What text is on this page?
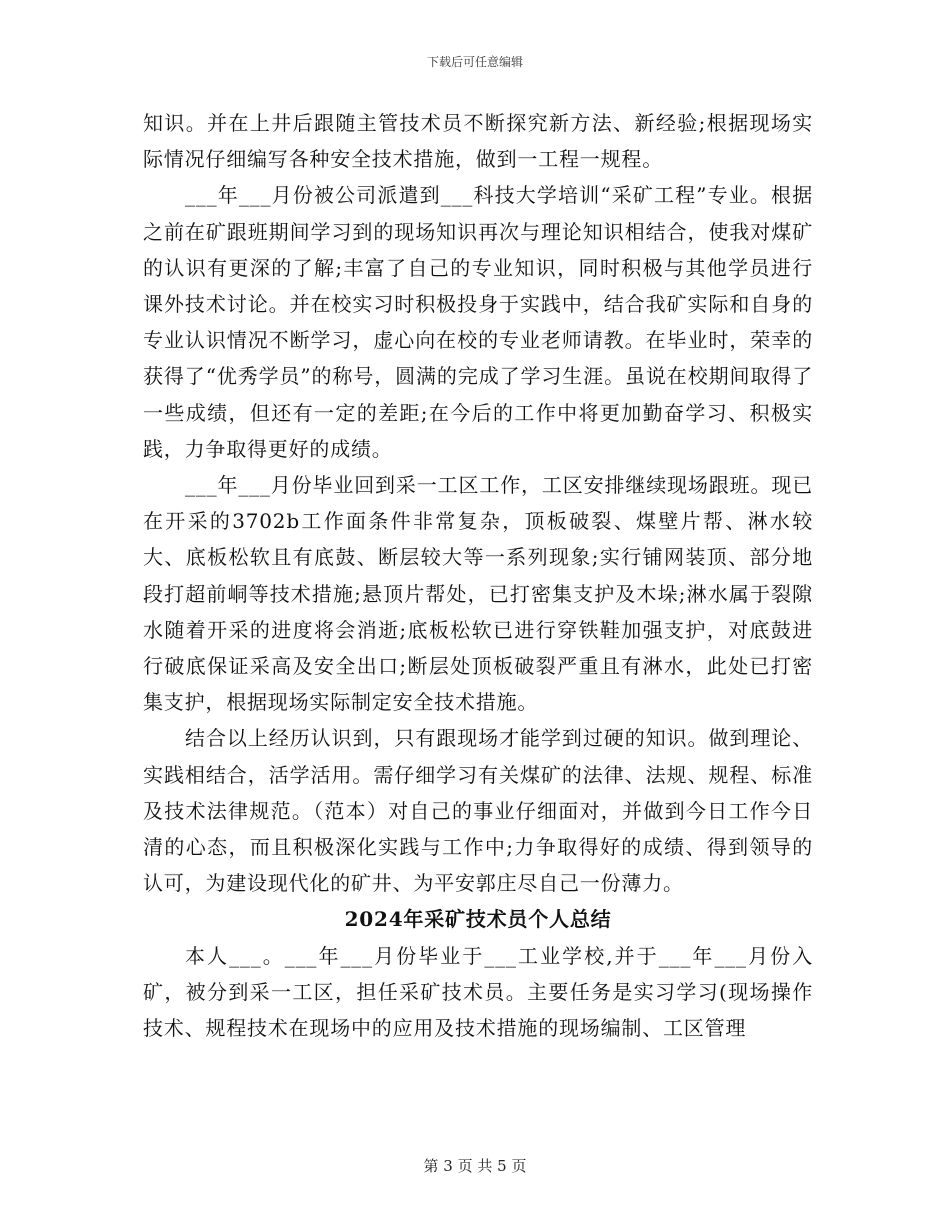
下载后可任意编辑

知识。并在上井后跟随主管技术员不断探究新方法、新经验;根据现场实际情况仔细编写各种安全技术措施，做到一工程一规程。

___年___月份被公司派遣到___科技大学培训“采矿工程”专业。根据之前在矿跟班期间学习到的现场知识再次与理论知识相结合，使我对煤矿的认识有更深的了解;丰富了自己的专业知识，同时积极与其他学员进行课外技术讨论。并在校实习时积极投身于实践中，结合我矿实际和自身的专业认识情况不断学习，虚心向在校的专业老师请教。在毕业时，荣幸的获得了“优秀学员”的称号，圆满的完成了学习生涯。虽说在校期间取得了一些成绩，但还有一定的差距;在今后的工作中将更加勤奋学习、积极实践，力争取得更好的成绩。

___年___月份毕业回到采一工区工作，工区安排继续现场跟班。现已在开采的3702b工作面条件非常复杂，顶板破裂、煤壁片帮、淋水较大、底板松软且有底鼓、断层较大等一系列现象;实行铺网装顶、部分地段打超前峒等技术措施;悬顶片帮处，已打密集支护及木垛;淋水属于裂隙水随着开采的进度将会消逝;底板松软已进行穿铁鞋加强支护，对底鼓进行破底保证采高及安全出口;断层处顶板破裂严重且有淋水，此处已打密集支护，根据现场实际制定安全技术措施。

结合以上经历认识到，只有跟现场才能学到过硬的知识。做到理论、实践相结合，活学活用。需仔细学习有关煤矿的法律、法规、规程、标准及技术法律规范。（范本）对自己的事业仔细面对，并做到今日工作今日清的心态，而且积极深化实践与工作中;力争取得好的成绩、得到领导的认可，为建设现代化的矿井、为平安郭庄尽自己一份薄力。

2024年采矿技术员个人总结

本人___。___年___月份毕业于___工业学校,并于___年___月份入矿，被分到采一工区，担任采矿技术员。主要任务是实习学习(现场操作技术、规程技术在现场中的应用及技术措施的现场编制、工区管理

第 3 页 共 5 页
